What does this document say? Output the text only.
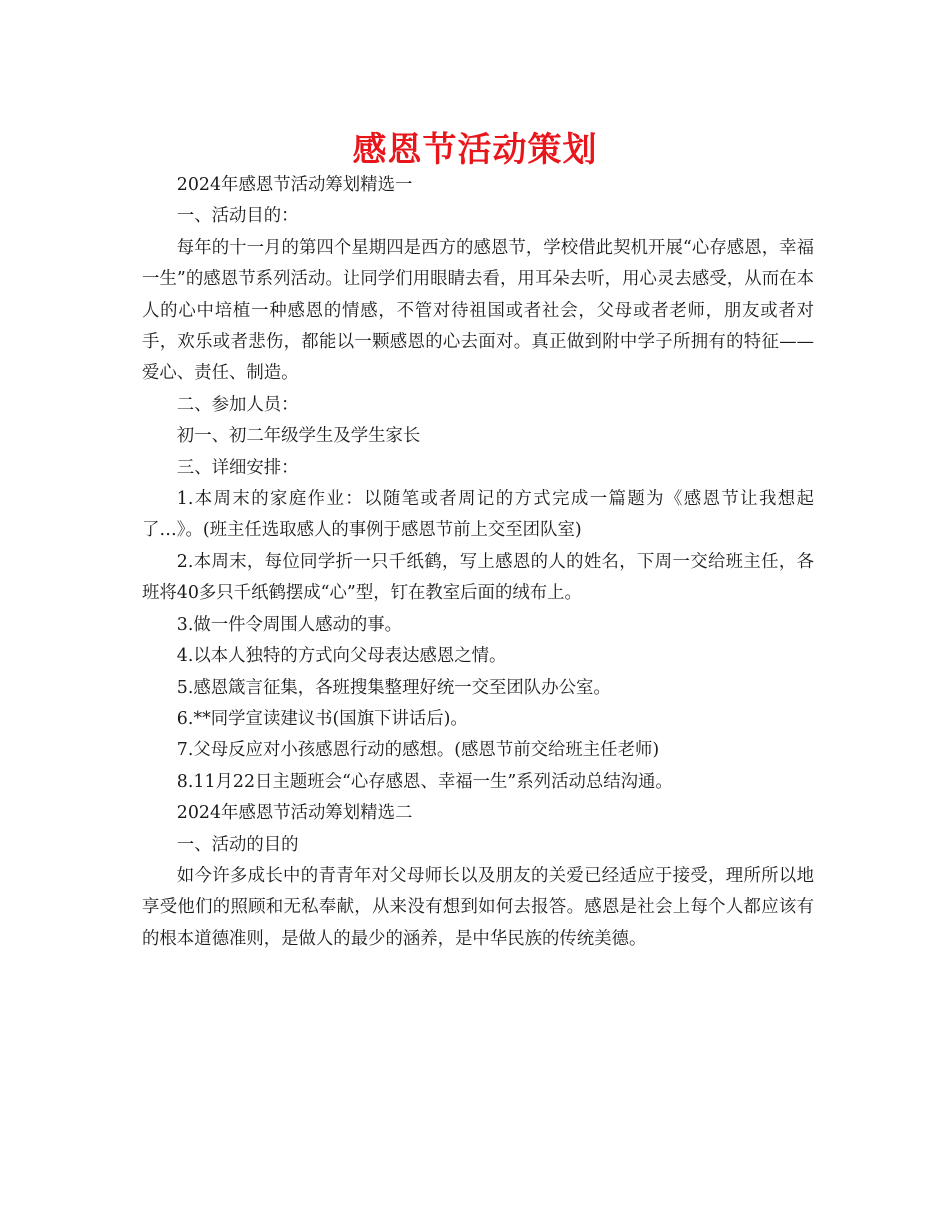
感恩节活动策划

2024年感恩节活动筹划精选一

一、活动目的：

每年的十一月的第四个星期四是西方的感恩节，学校借此契机开展“心存感恩，幸福一生”的感恩节系列活动。让同学们用眼睛去看，用耳朵去听，用心灵去感受，从而在本人的心中培植一种感恩的情感，不管对待祖国或者社会，父母或者老师，朋友或者对手，欢乐或者悲伤，都能以一颗感恩的心去面对。真正做到附中学子所拥有的特征——爱心、责任、制造。

二、参加人员：

初一、初二年级学生及学生家长

三、详细安排：

1.本周末的家庭作业：以随笔或者周记的方式完成一篇题为《感恩节让我想起了…》。(班主任选取感人的事例于感恩节前上交至团队室)

2.本周末，每位同学折一只千纸鹤，写上感恩的人的姓名，下周一交给班主任，各班将40多只千纸鹤摆成“心”型，钉在教室后面的绒布上。

3.做一件令周围人感动的事。

4.以本人独特的方式向父母表达感恩之情。

5.感恩箴言征集，各班搜集整理好统一交至团队办公室。

6.**同学宣读建议书(国旗下讲话后)。

7.父母反应对小孩感恩行动的感想。(感恩节前交给班主任老师)

8.11月22日主题班会“心存感恩、幸福一生”系列活动总结沟通。

2024年感恩节活动筹划精选二

一、活动的目的

如今许多成长中的青青年对父母师长以及朋友的关爱已经适应于接受，理所所以地享受他们的照顾和无私奉献，从来没有想到如何去报答。感恩是社会上每个人都应该有的根本道德准则，是做人的最少的涵养，是中华民族的传统美德。
